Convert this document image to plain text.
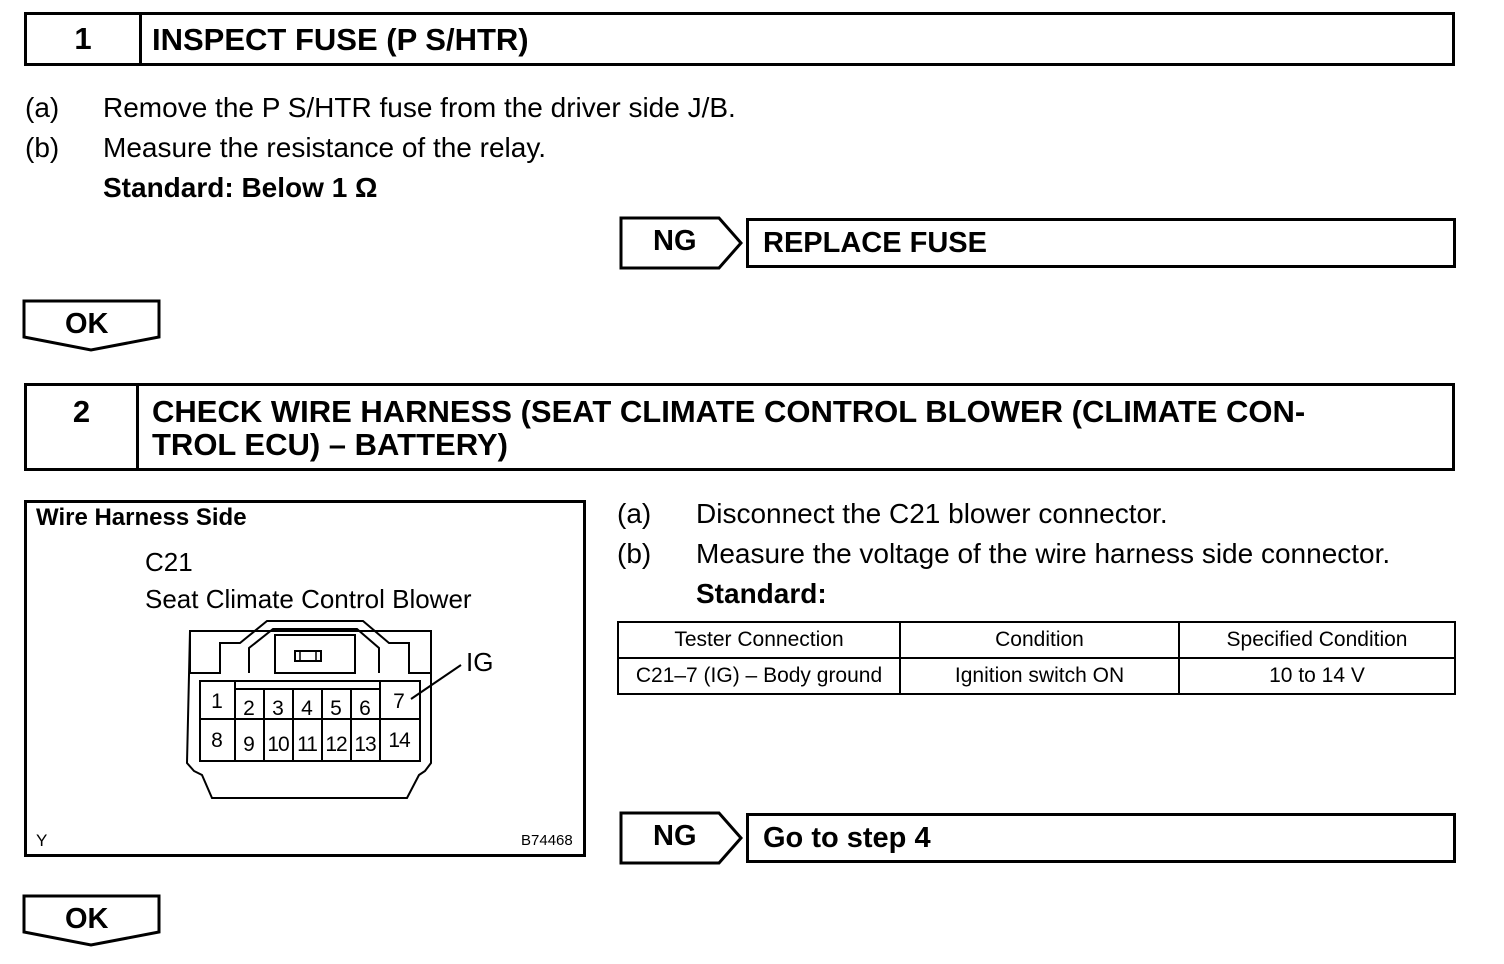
1	INSPECT FUSE (P S/HTR)
(a) Remove the P S/HTR fuse from the driver side J/B.
(b) Measure the resistance of the relay.
Standard: Below 1 Ω
NG	REPLACE FUSE
OK
2	CHECK WIRE HARNESS (SEAT CLIMATE CONTROL BLOWER (CLIMATE CON-
TROL ECU) – BATTERY)
Wire Harness Side
C21
Seat Climate Control Blower
IG
Y	B74468
1 2 3 4 5 6 7
8 9 10 11 12 13 14
(a) Disconnect the C21 blower connector.
(b) Measure the voltage of the wire harness side connector.
Standard:
Tester Connection	Condition	Specified Condition
C21–7 (IG) – Body ground	Ignition switch ON	10 to 14 V
NG	Go to step 4
OK
